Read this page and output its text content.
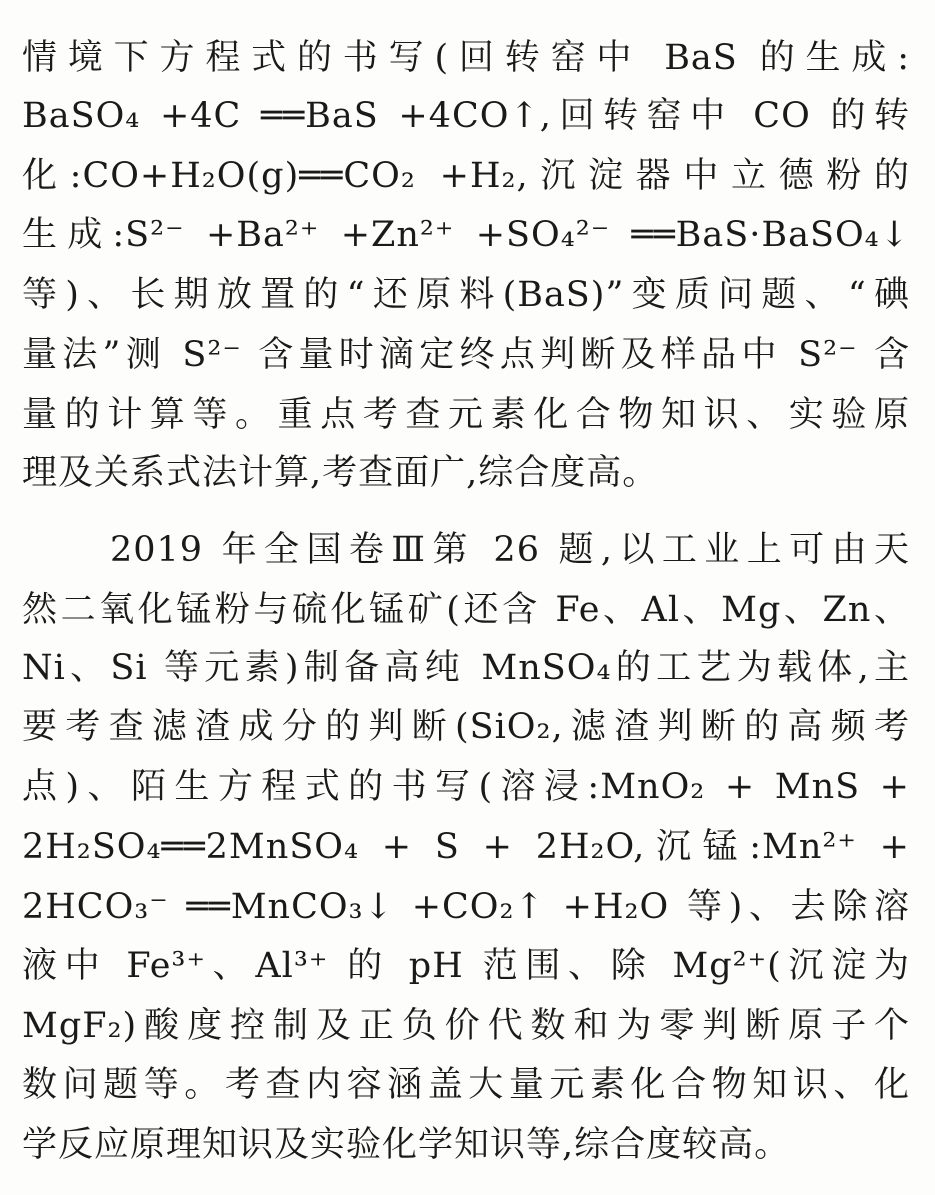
情境下方程式的书写(回转窑中 BaS 的生成:
BaSO₄ +4C ══BaS +4CO↑,回转窑中 CO 的转
化:CO+H₂O(g)══CO₂ +H₂,沉淀器中立德粉的
生成:S²⁻ +Ba²⁺ +Zn²⁺ +SO₄²⁻ ══BaS·BaSO₄↓
等)、长期放置的“还原料(BaS)”变质问题、“碘
量法”测 S²⁻ 含量时滴定终点判断及样品中 S²⁻ 含
量的计算等。重点考查元素化合物知识、实验原
理及关系式法计算,考查面广,综合度高。
2019 年全国卷Ⅲ第 26 题,以工业上可由天
然二氧化锰粉与硫化锰矿(还含 Fe、Al、Mg、Zn、
Ni、Si 等元素)制备高纯 MnSO₄的工艺为载体,主
要考查滤渣成分的判断(SiO₂,滤渣判断的高频考
点)、陌生方程式的书写(溶浸:MnO₂ + MnS +
2H₂SO₄══2MnSO₄ + S + 2H₂O,沉锰:Mn²⁺ +
2HCO₃⁻ ══MnCO₃↓ +CO₂↑ +H₂O 等)、去除溶
液中 Fe³⁺、Al³⁺ 的 pH 范围、除 Mg²⁺(沉淀为
MgF₂)酸度控制及正负价代数和为零判断原子个
数问题等。考查内容涵盖大量元素化合物知识、化
学反应原理知识及实验化学知识等,综合度较高。
